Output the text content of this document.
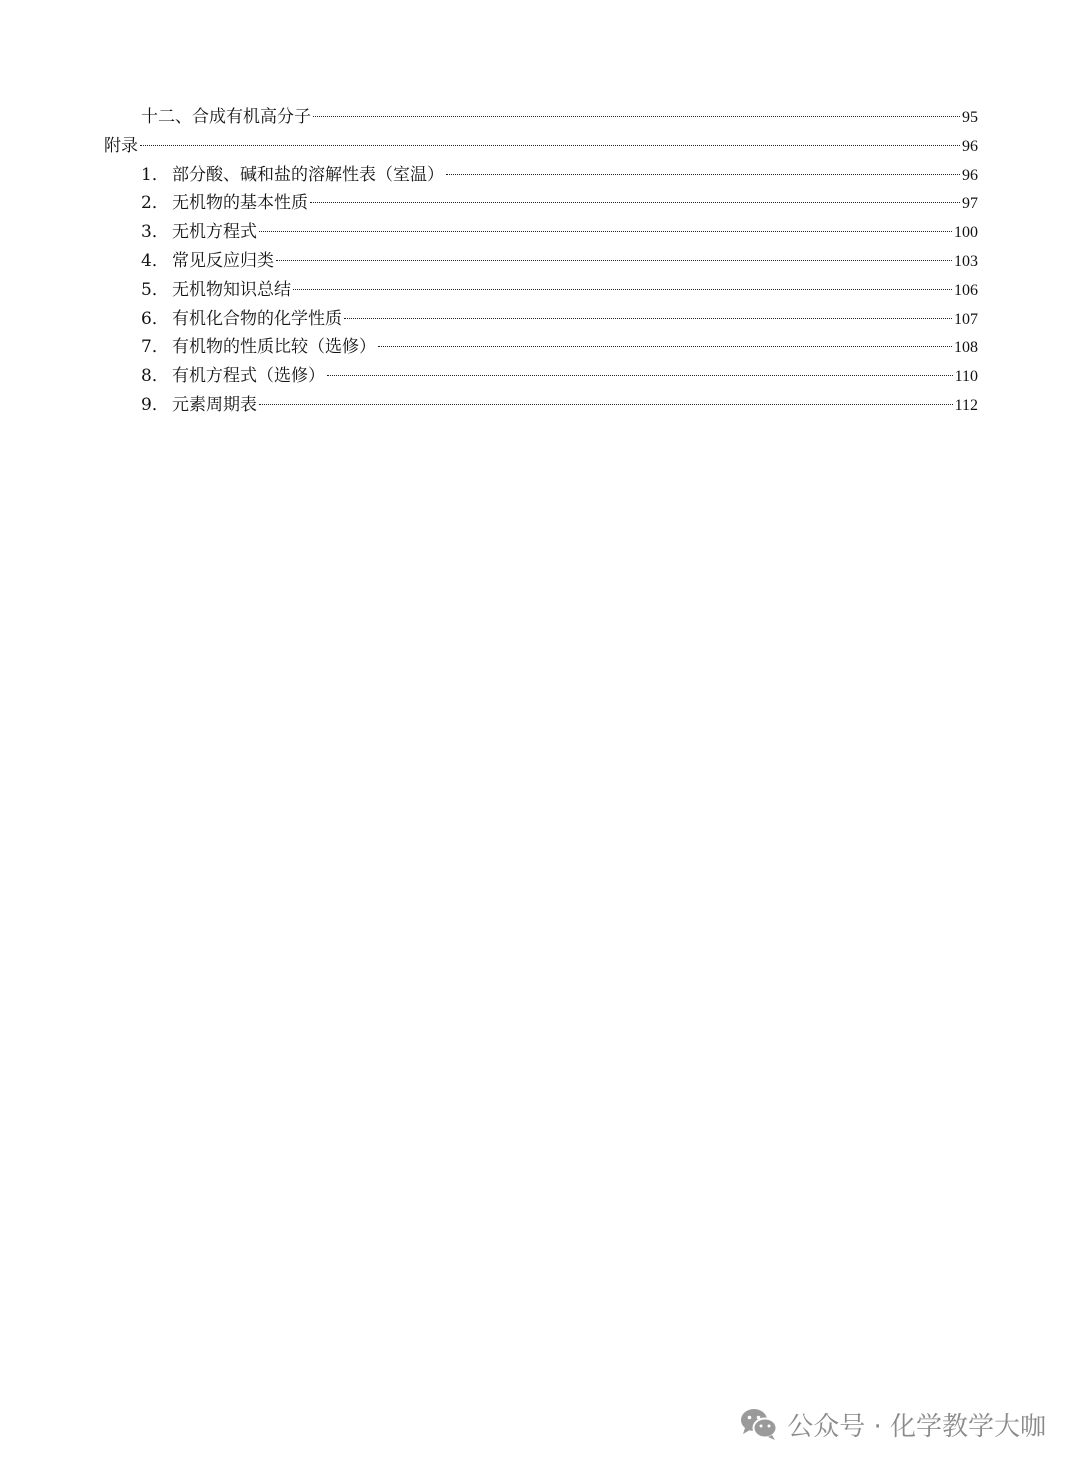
十二、合成有机高分子	95
附录	96
1． 部分酸、碱和盐的溶解性表（室温）	96
2． 无机物的基本性质	97
3． 无机方程式	100
4． 常见反应归类	103
5． 无机物知识总结	106
6． 有机化合物的化学性质	107
7． 有机物的性质比较（选修）	108
8． 有机方程式（选修）	110
9． 元素周期表	112
公众号 · 化学教学大咖
